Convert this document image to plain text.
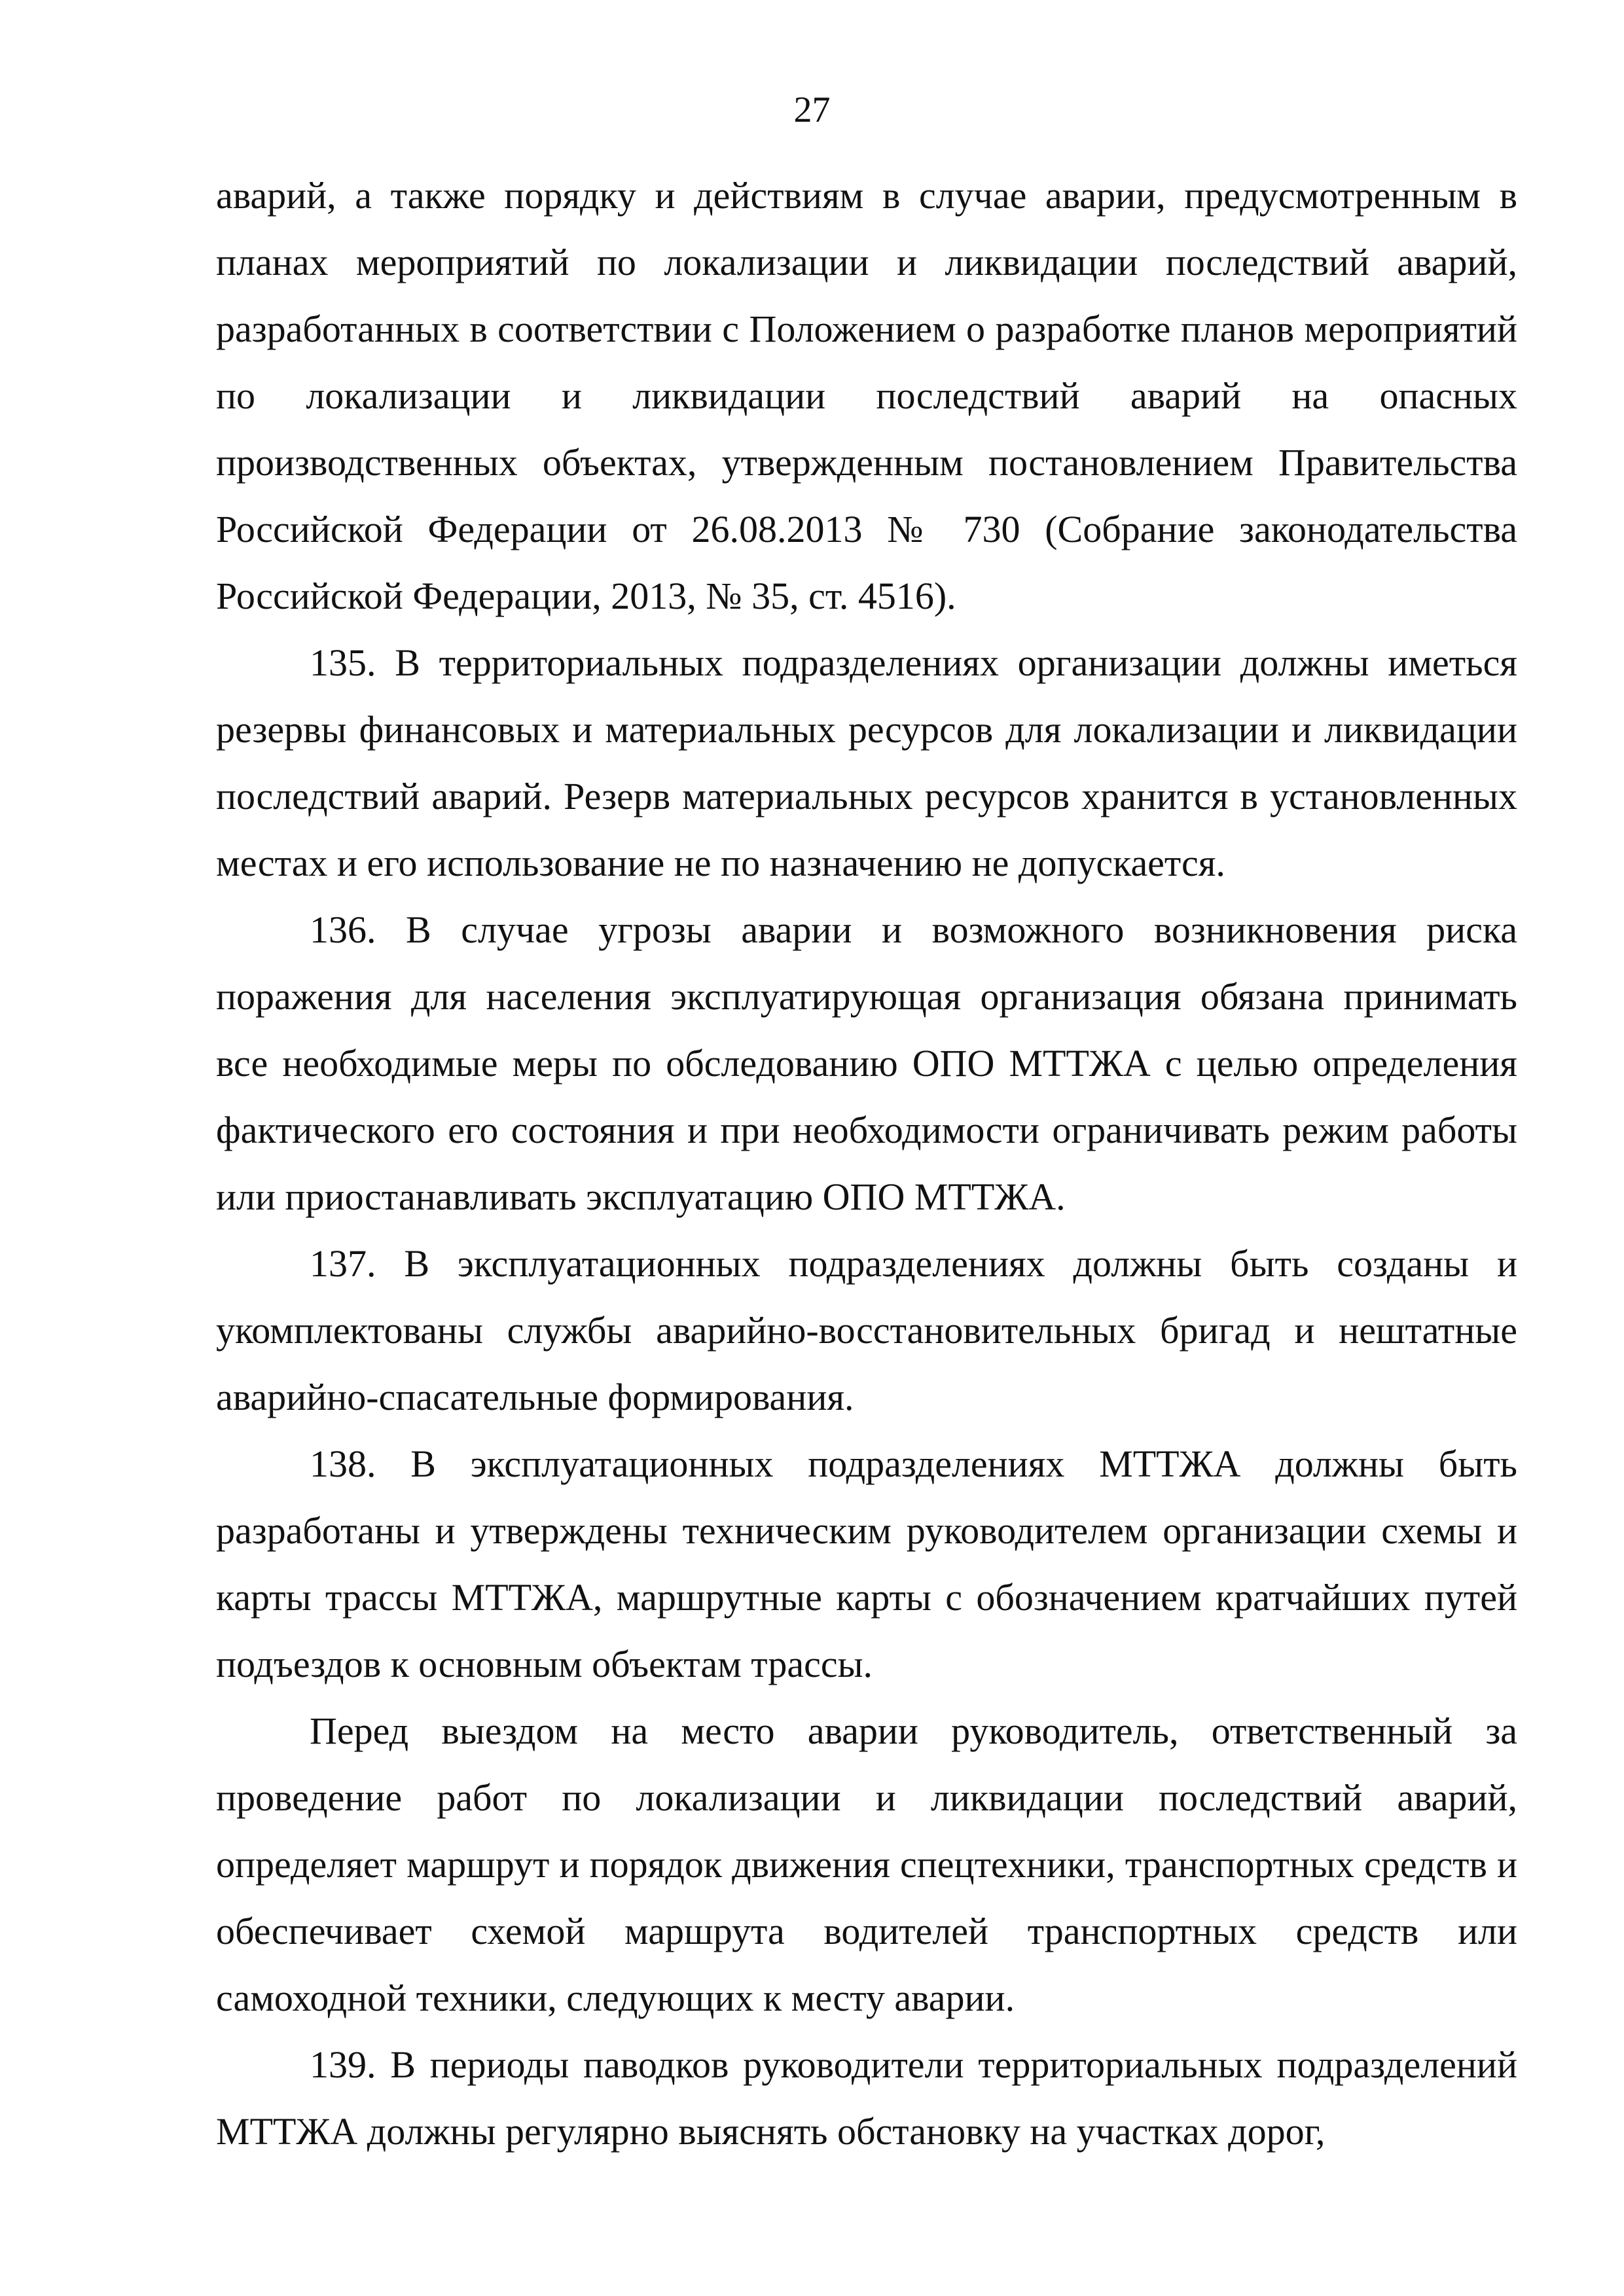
27

аварий, а также порядку и действиям в случае аварии, предусмотренным в планах мероприятий по локализации и ликвидации последствий аварий, разработанных в соответствии с Положением о разработке планов мероприятий по локализации и ликвидации последствий аварий на опасных производственных объектах, утвержденным постановлением Правительства Российской Федерации от 26.08.2013 № 730 (Собрание законодательства Российской Федерации, 2013, № 35, ст. 4516).

135. В территориальных подразделениях организации должны иметься резервы финансовых и материальных ресурсов для локализации и ликвидации последствий аварий. Резерв материальных ресурсов хранится в установленных местах и его использование не по назначению не допускается.

136. В случае угрозы аварии и возможного возникновения риска поражения для населения эксплуатирующая организация обязана принимать все необходимые меры по обследованию ОПО МТТЖА с целью определения фактического его состояния и при необходимости ограничивать режим работы или приостанавливать эксплуатацию ОПО МТТЖА.

137. В эксплуатационных подразделениях должны быть созданы и укомплектованы службы аварийно-восстановительных бригад и нештатные аварийно-спасательные формирования.

138. В эксплуатационных подразделениях МТТЖА должны быть разработаны и утверждены техническим руководителем организации схемы и карты трассы МТТЖА, маршрутные карты с обозначением кратчайших путей подъездов к основным объектам трассы.

Перед выездом на место аварии руководитель, ответственный за проведение работ по локализации и ликвидации последствий аварий, определяет маршрут и порядок движения спецтехники, транспортных средств и обеспечивает схемой маршрута водителей транспортных средств или самоходной техники, следующих к месту аварии.

139. В периоды паводков руководители территориальных подразделений МТТЖА должны регулярно выяснять обстановку на участках дорог,
